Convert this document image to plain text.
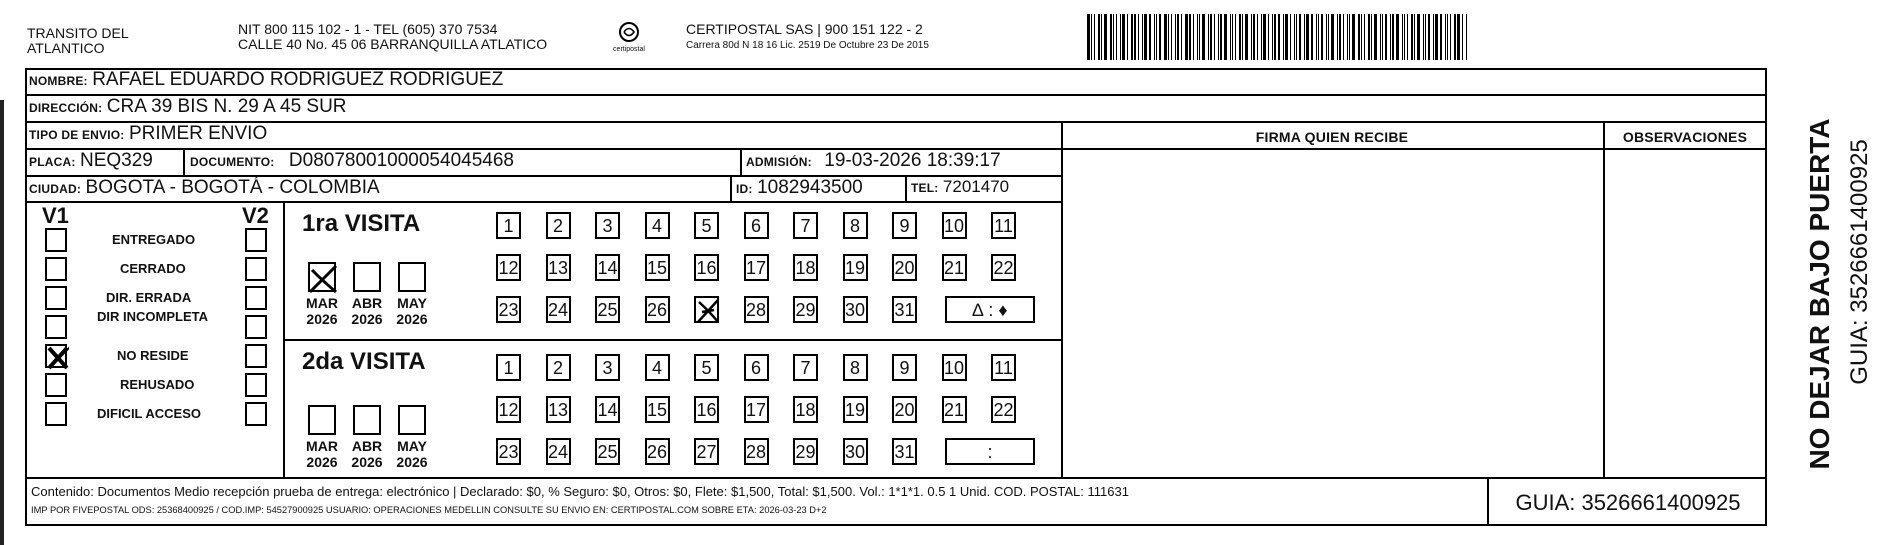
TRANSITO DEL
ATLANTICO
NIT 800 115 102 - 1 - TEL (605) 370 7534
CALLE 40 No. 45 06 BARRANQUILLA ATLATICO	certipostal
CERTIPOSTAL SAS | 900 151 122 - 2
Carrera 80d N 18 16 Lic. 2519 De Octubre 23 De 2015
NOMBRE: RAFAEL EDUARDO RODRIGUEZ RODRIGUEZ
DIRECCIÓN: CRA 39 BIS N. 29 A 45 SUR
TIPO DE ENVIO: PRIMER ENVIO
PLACA: NEQ329	DOCUMENTO: D08078001000054045468	ADMISIÓN: 19-03-2026 18:39:17
CIUDAD: BOGOTA - BOGOTÁ - COLOMBIA	ID: 1082943500	TEL: 7201470
FIRMA QUIEN RECIBE	OBSERVACIONES
V1	V2
ENTREGADO
CERRADO
DIR. ERRADA
DIR INCOMPLETA
NO RESIDE
REHUSADO
DIFICIL ACCESO
1ra VISITA
2da VISITA
MAR
2026
ABR
2026
MAY
2026
1	2	3	4	5	6	7	8	9	10 11
12 13 14 15 16 17 18 19 20 21 22
23 24 25 26	28 29 30 31	∆ : ♦
MAR
2026
ABR
2026
MAY
2026
1	2	3	4	5	6	7	8	9	10 11
12 13 14 15 16 17 18 19 20 21 22
23 24 25 26 27 28 29 30 31	:
Contenido: Documentos Medio recepción prueba de entrega: electrónico | Declarado: $0, % Seguro: $0, Otros: $0, Flete: $1,500, Total: $1,500. Vol.: 1*1*1. 0.5 1 Unid. COD. POSTAL: 111631
IMP POR FIVEPOSTAL ODS: 25368400925 / COD.IMP: 54527900925 USUARIO: OPERACIONES MEDELLIN CONSULTE SU ENVIO EN: CERTIPOSTAL.COM SOBRE ETA: 2026-03-23 D+2	GUIA: 3526661400925
NO DEJAR BAJO PUERTA GUIA: 3526661400925
